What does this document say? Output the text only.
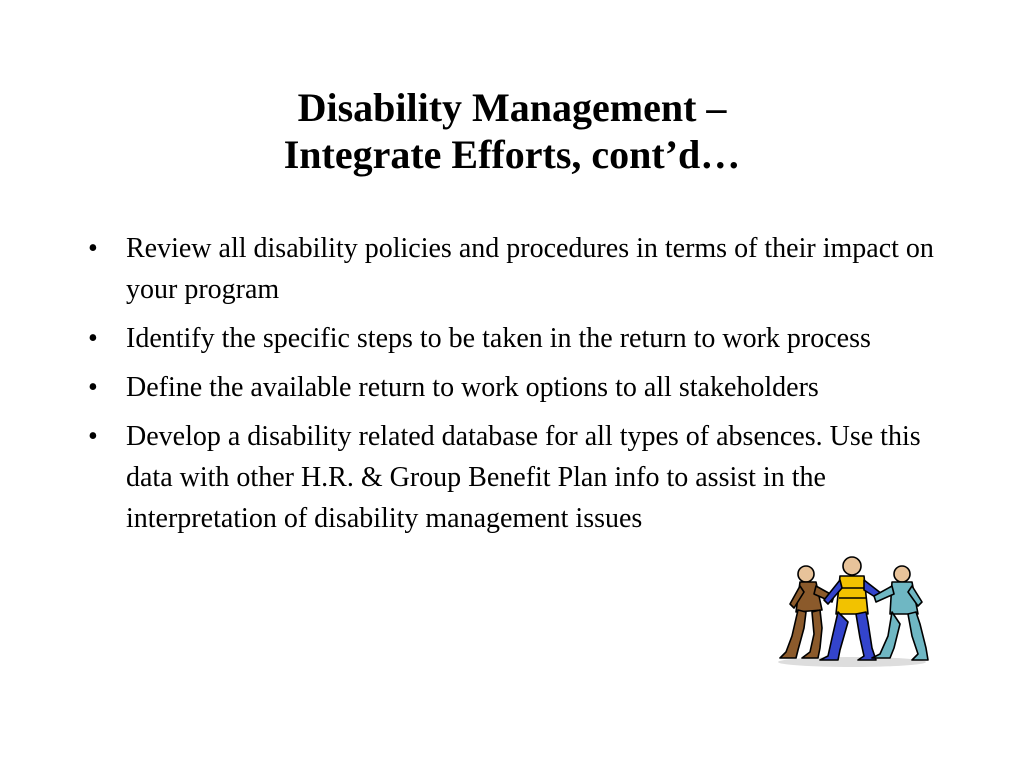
Disability Management –
Integrate Efforts, cont’d…
• Review all disability policies and procedures in terms of their impact on your program
• Identify the specific steps to be taken in the return to work process
• Define the available return to work options to all stakeholders
• Develop a disability related database for all types of absences. Use this data with other H.R. & Group Benefit Plan info to assist in the interpretation of disability management issues
